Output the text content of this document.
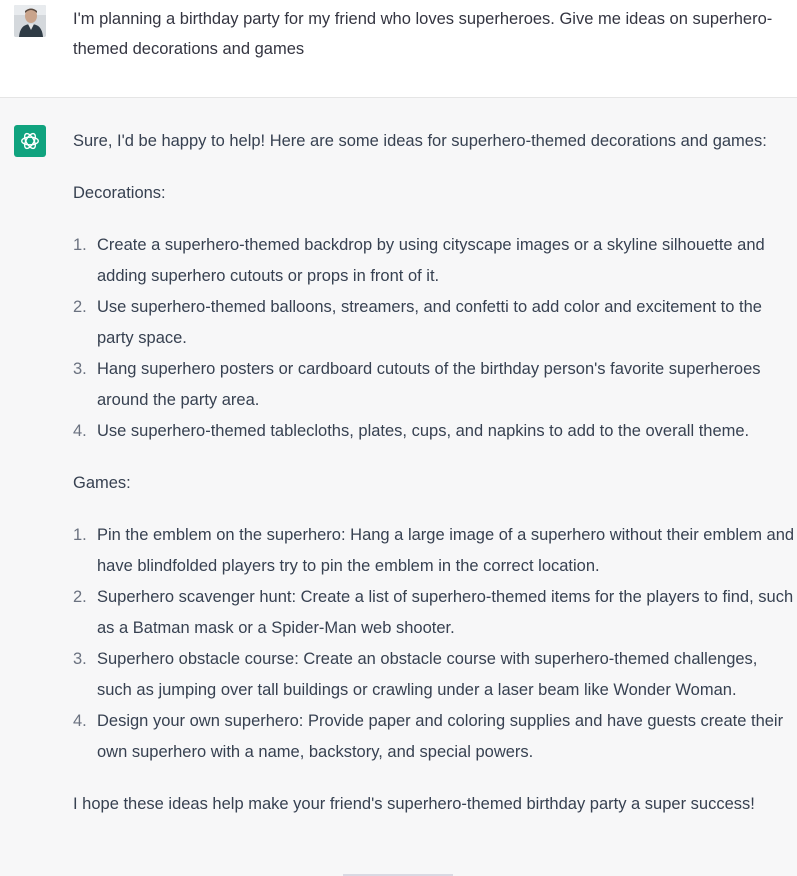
I'm planning a birthday party for my friend who loves superheroes. Give me ideas on superhero-themed decorations and games

Sure, I'd be happy to help! Here are some ideas for superhero-themed decorations and games:

Decorations:

1. Create a superhero-themed backdrop by using cityscape images or a skyline silhouette and adding superhero cutouts or props in front of it.
2. Use superhero-themed balloons, streamers, and confetti to add color and excitement to the party space.
3. Hang superhero posters or cardboard cutouts of the birthday person's favorite superheroes around the party area.
4. Use superhero-themed tablecloths, plates, cups, and napkins to add to the overall theme.

Games:

1. Pin the emblem on the superhero: Hang a large image of a superhero without their emblem and have blindfolded players try to pin the emblem in the correct location.
2. Superhero scavenger hunt: Create a list of superhero-themed items for the players to find, such as a Batman mask or a Spider-Man web shooter.
3. Superhero obstacle course: Create an obstacle course with superhero-themed challenges, such as jumping over tall buildings or crawling under a laser beam like Wonder Woman.
4. Design your own superhero: Provide paper and coloring supplies and have guests create their own superhero with a name, backstory, and special powers.

I hope these ideas help make your friend's superhero-themed birthday party a super success!
